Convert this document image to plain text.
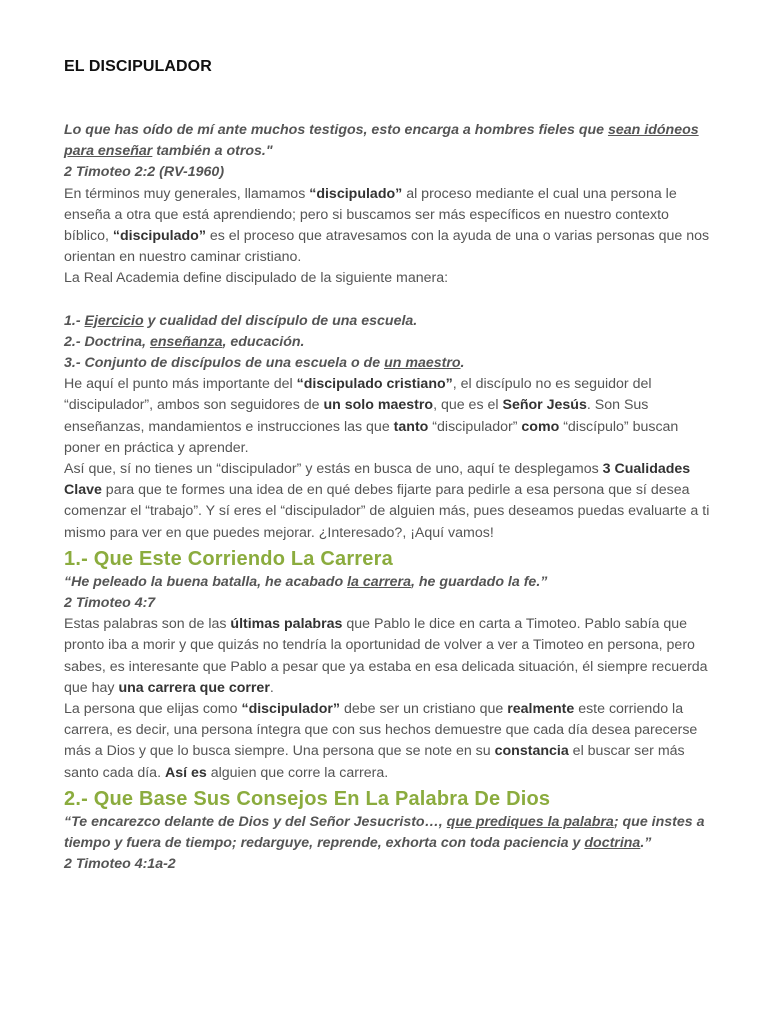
EL DISCIPULADOR

Lo que has oído de mí ante muchos testigos, esto encarga a hombres fieles que sean idóneos para enseñar también a otros."

2 Timoteo 2:2 (RV-1960)

En términos muy generales, llamamos “discipulado” al proceso mediante el cual una persona le enseña a otra que está aprendiendo; pero si buscamos ser más específicos en nuestro contexto bíblico, “discipulado” es el proceso que atravesamos con la ayuda de una o varias personas que nos orientan en nuestro caminar cristiano.

La Real Academia define discipulado de la siguiente manera:

1.- Ejercicio y cualidad del discípulo de una escuela.

2.- Doctrina, enseñanza, educación.

3.- Conjunto de discípulos de una escuela o de un maestro.

He aquí el punto más importante del “discipulado cristiano”, el discípulo no es seguidor del “discipulador”, ambos son seguidores de un solo maestro, que es el Señor Jesús. Son Sus enseñanzas, mandamientos e instrucciones las que tanto “discipulador” como “discípulo” buscan poner en práctica y aprender.

Así que, sí no tienes un “discipulador” y estás en busca de uno, aquí te desplegamos 3 Cualidades Clave para que te formes una idea de en qué debes fijarte para pedirle a esa persona que sí desea comenzar el “trabajo”. Y sí eres el “discipulador” de alguien más, pues deseamos puedas evaluarte a ti mismo para ver en que puedes mejorar. ¿Interesado?, ¡Aquí vamos!

1.- Que Este Corriendo La Carrera

“He peleado la buena batalla, he acabado la carrera, he guardado la fe.”

2 Timoteo 4:7

Estas palabras son de las últimas palabras que Pablo le dice en carta a Timoteo. Pablo sabía que pronto iba a morir y que quizás no tendría la oportunidad de volver a ver a Timoteo en persona, pero sabes, es interesante que Pablo a pesar que ya estaba en esa delicada situación, él siempre recuerda que hay una carrera que correr.

La persona que elijas como “discipulador” debe ser un cristiano que realmente este corriendo la carrera, es decir, una persona íntegra que con sus hechos demuestre que cada día desea parecerse más a Dios y que lo busca siempre. Una persona que se note en su constancia el buscar ser más santo cada día. Así es alguien que corre la carrera.

2.- Que Base Sus Consejos En La Palabra De Dios

“Te encarezco delante de Dios y del Señor Jesucristo…, que prediques la palabra; que instes a tiempo y fuera de tiempo; redarguye, reprende, exhorta con toda paciencia y doctrina.”

2 Timoteo 4:1a-2
